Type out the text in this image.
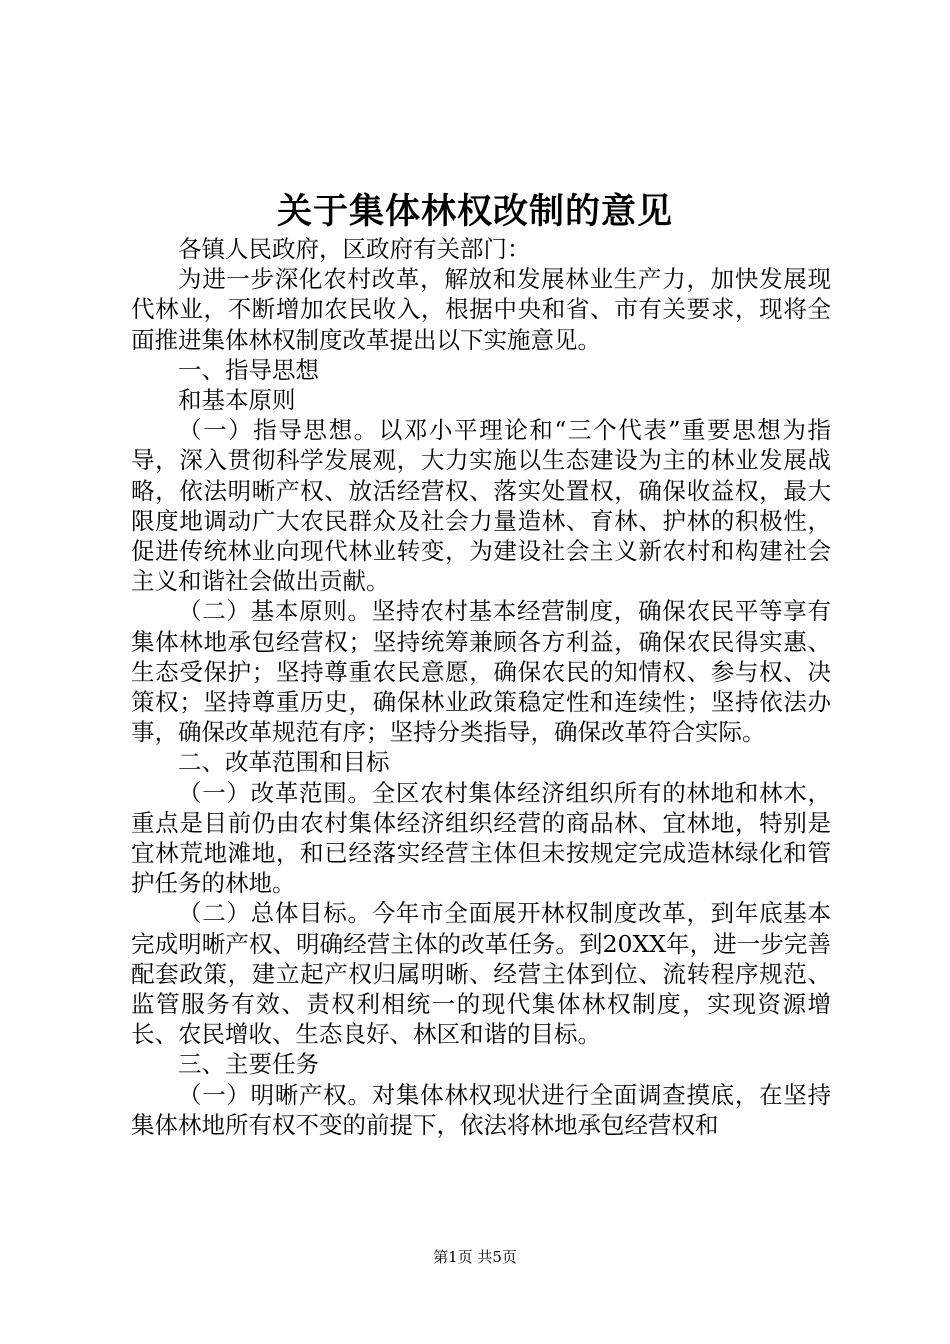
关于集体林权改制的意见

各镇人民政府，区政府有关部门：

为进一步深化农村改革，解放和发展林业生产力，加快发展现代林业，不断增加农民收入，根据中央和省、市有关要求，现将全面推进集体林权制度改革提出以下实施意见。

一、指导思想

和基本原则

（一）指导思想。以邓小平理论和“三个代表”重要思想为指导，深入贯彻科学发展观，大力实施以生态建设为主的林业发展战略，依法明晰产权、放活经营权、落实处置权，确保收益权，最大限度地调动广大农民群众及社会力量造林、育林、护林的积极性，促进传统林业向现代林业转变，为建设社会主义新农村和构建社会主义和谐社会做出贡献。

（二）基本原则。坚持农村基本经营制度，确保农民平等享有集体林地承包经营权；坚持统筹兼顾各方利益，确保农民得实惠、生态受保护；坚持尊重农民意愿，确保农民的知情权、参与权、决策权；坚持尊重历史，确保林业政策稳定性和连续性；坚持依法办事，确保改革规范有序；坚持分类指导，确保改革符合实际。

二、改革范围和目标

（一）改革范围。全区农村集体经济组织所有的林地和林木，重点是目前仍由农村集体经济组织经营的商品林、宜林地，特别是宜林荒地滩地，和已经落实经营主体但未按规定完成造林绿化和管护任务的林地。

（二）总体目标。今年市全面展开林权制度改革，到年底基本完成明晰产权、明确经营主体的改革任务。到20XX年，进一步完善配套政策，建立起产权归属明晰、经营主体到位、流转程序规范、监管服务有效、责权利相统一的现代集体林权制度，实现资源增长、农民增收、生态良好、林区和谐的目标。

三、主要任务

（一）明晰产权。对集体林权现状进行全面调查摸底，在坚持集体林地所有权不变的前提下，依法将林地承包经营权和

第1页 共5页
